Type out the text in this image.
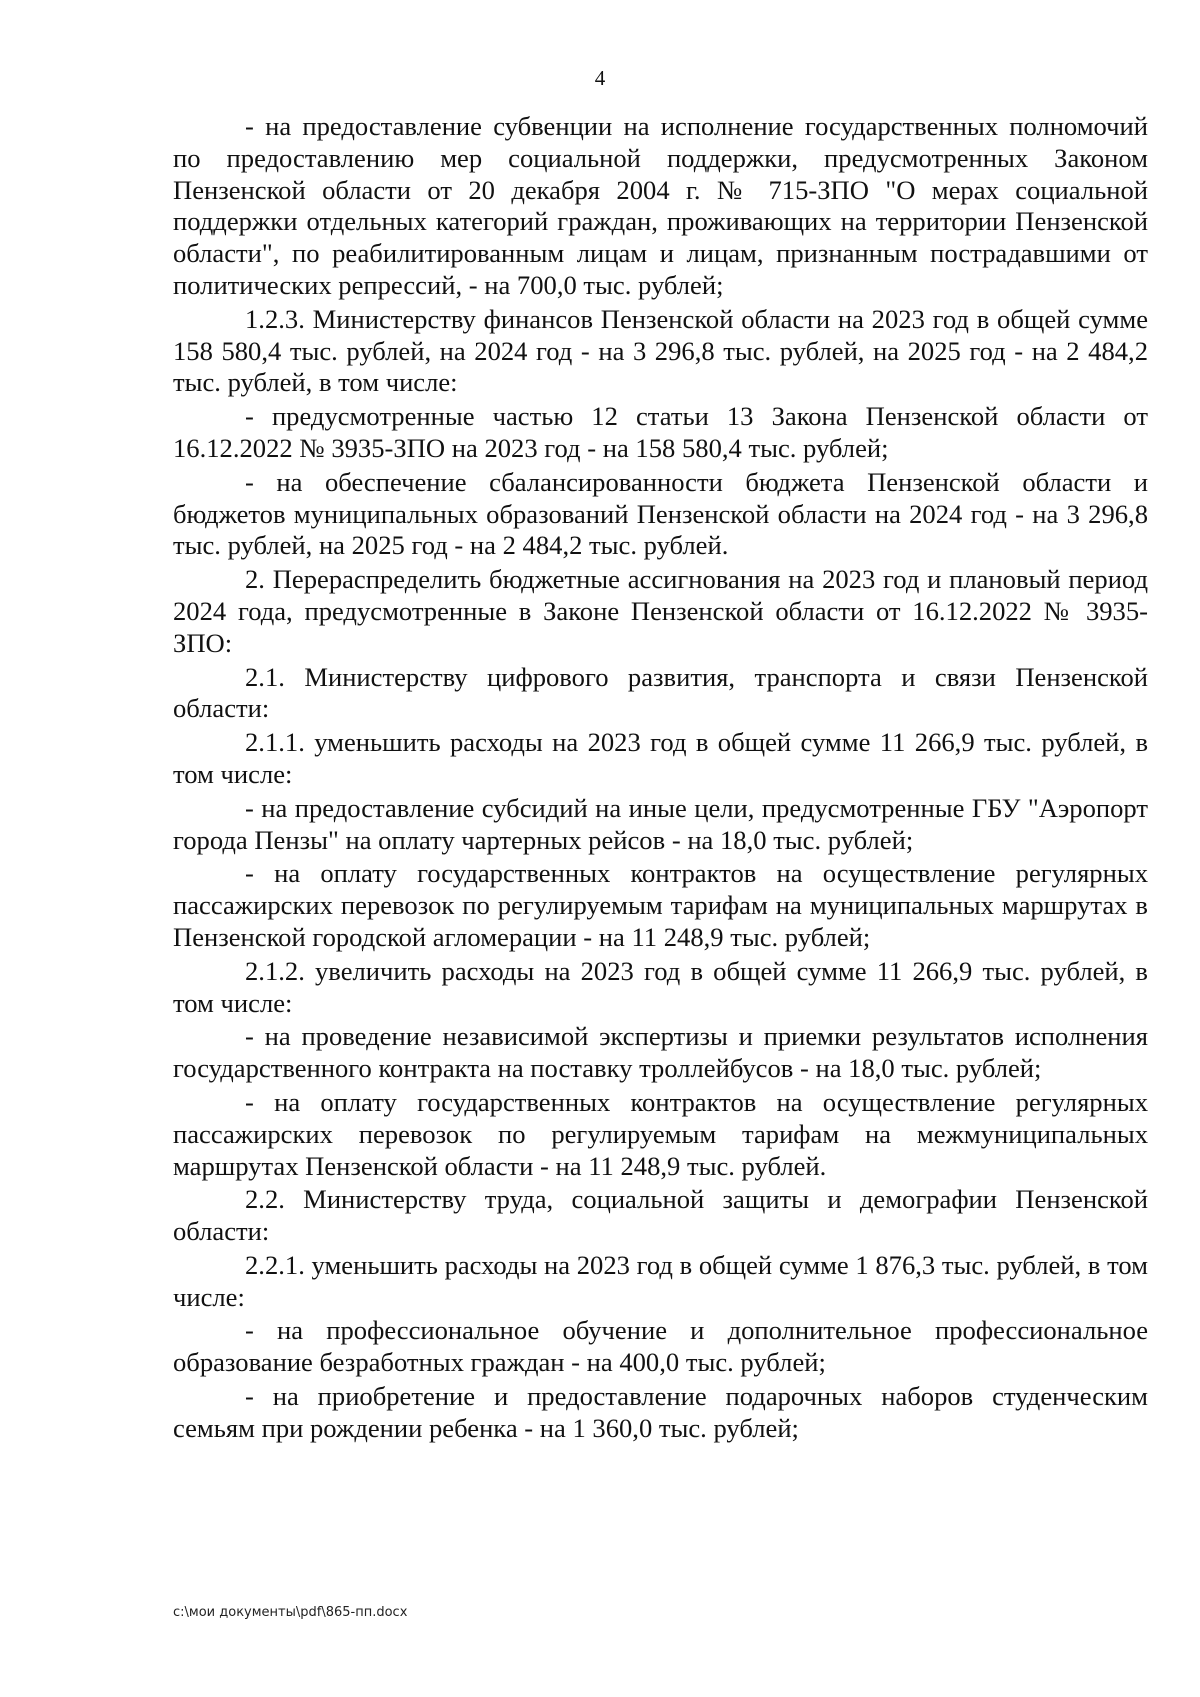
4

- на предоставление субвенции на исполнение государственных полномочий по предоставлению мер социальной поддержки, предусмотренных Законом Пензенской области от 20 декабря 2004 г. № 715-ЗПО "О мерах социальной поддержки отдельных категорий граждан, проживающих на территории Пензенской области", по реабилитированным лицам и лицам, признанным пострадавшими от политических репрессий, - на 700,0 тыс. рублей;

1.2.3. Министерству финансов Пензенской области на 2023 год в общей сумме 158 580,4 тыс. рублей, на 2024 год - на 3 296,8 тыс. рублей, на 2025 год - на 2 484,2 тыс. рублей, в том числе:

- предусмотренные частью 12 статьи 13 Закона Пензенской области от 16.12.2022 № 3935-ЗПО на 2023 год - на 158 580,4 тыс. рублей;

- на обеспечение сбалансированности бюджета Пензенской области и бюджетов муниципальных образований Пензенской области на 2024 год - на 3 296,8 тыс. рублей, на 2025 год - на 2 484,2 тыс. рублей.

2. Перераспределить бюджетные ассигнования на 2023 год и плановый период 2024 года, предусмотренные в Законе Пензенской области от 16.12.2022 № 3935-ЗПО:

2.1. Министерству цифрового развития, транспорта и связи Пензенской области:

2.1.1. уменьшить расходы на 2023 год в общей сумме 11 266,9 тыс. рублей, в том числе:

- на предоставление субсидий на иные цели, предусмотренные ГБУ "Аэропорт города Пензы" на оплату чартерных рейсов - на 18,0 тыс. рублей;

- на оплату государственных контрактов на осуществление регулярных пассажирских перевозок по регулируемым тарифам на муниципальных маршрутах в Пензенской городской агломерации - на 11 248,9 тыс. рублей;

2.1.2. увеличить расходы на 2023 год в общей сумме 11 266,9 тыс. рублей, в том числе:

- на проведение независимой экспертизы и приемки результатов исполнения государственного контракта на поставку троллейбусов - на 18,0 тыс. рублей;

- на оплату государственных контрактов на осуществление регулярных пассажирских перевозок по регулируемым тарифам на межмуниципальных маршрутах Пензенской области - на 11 248,9 тыс. рублей.

2.2. Министерству труда, социальной защиты и демографии Пензенской области:

2.2.1. уменьшить расходы на 2023 год в общей сумме 1 876,3 тыс. рублей, в том числе:

- на профессиональное обучение и дополнительное профессиональное образование безработных граждан - на 400,0 тыс. рублей;

- на приобретение и предоставление подарочных наборов студенческим семьям при рождении ребенка - на 1 360,0 тыс. рублей;

c:\мои документы\pdf\865-пп.docx
